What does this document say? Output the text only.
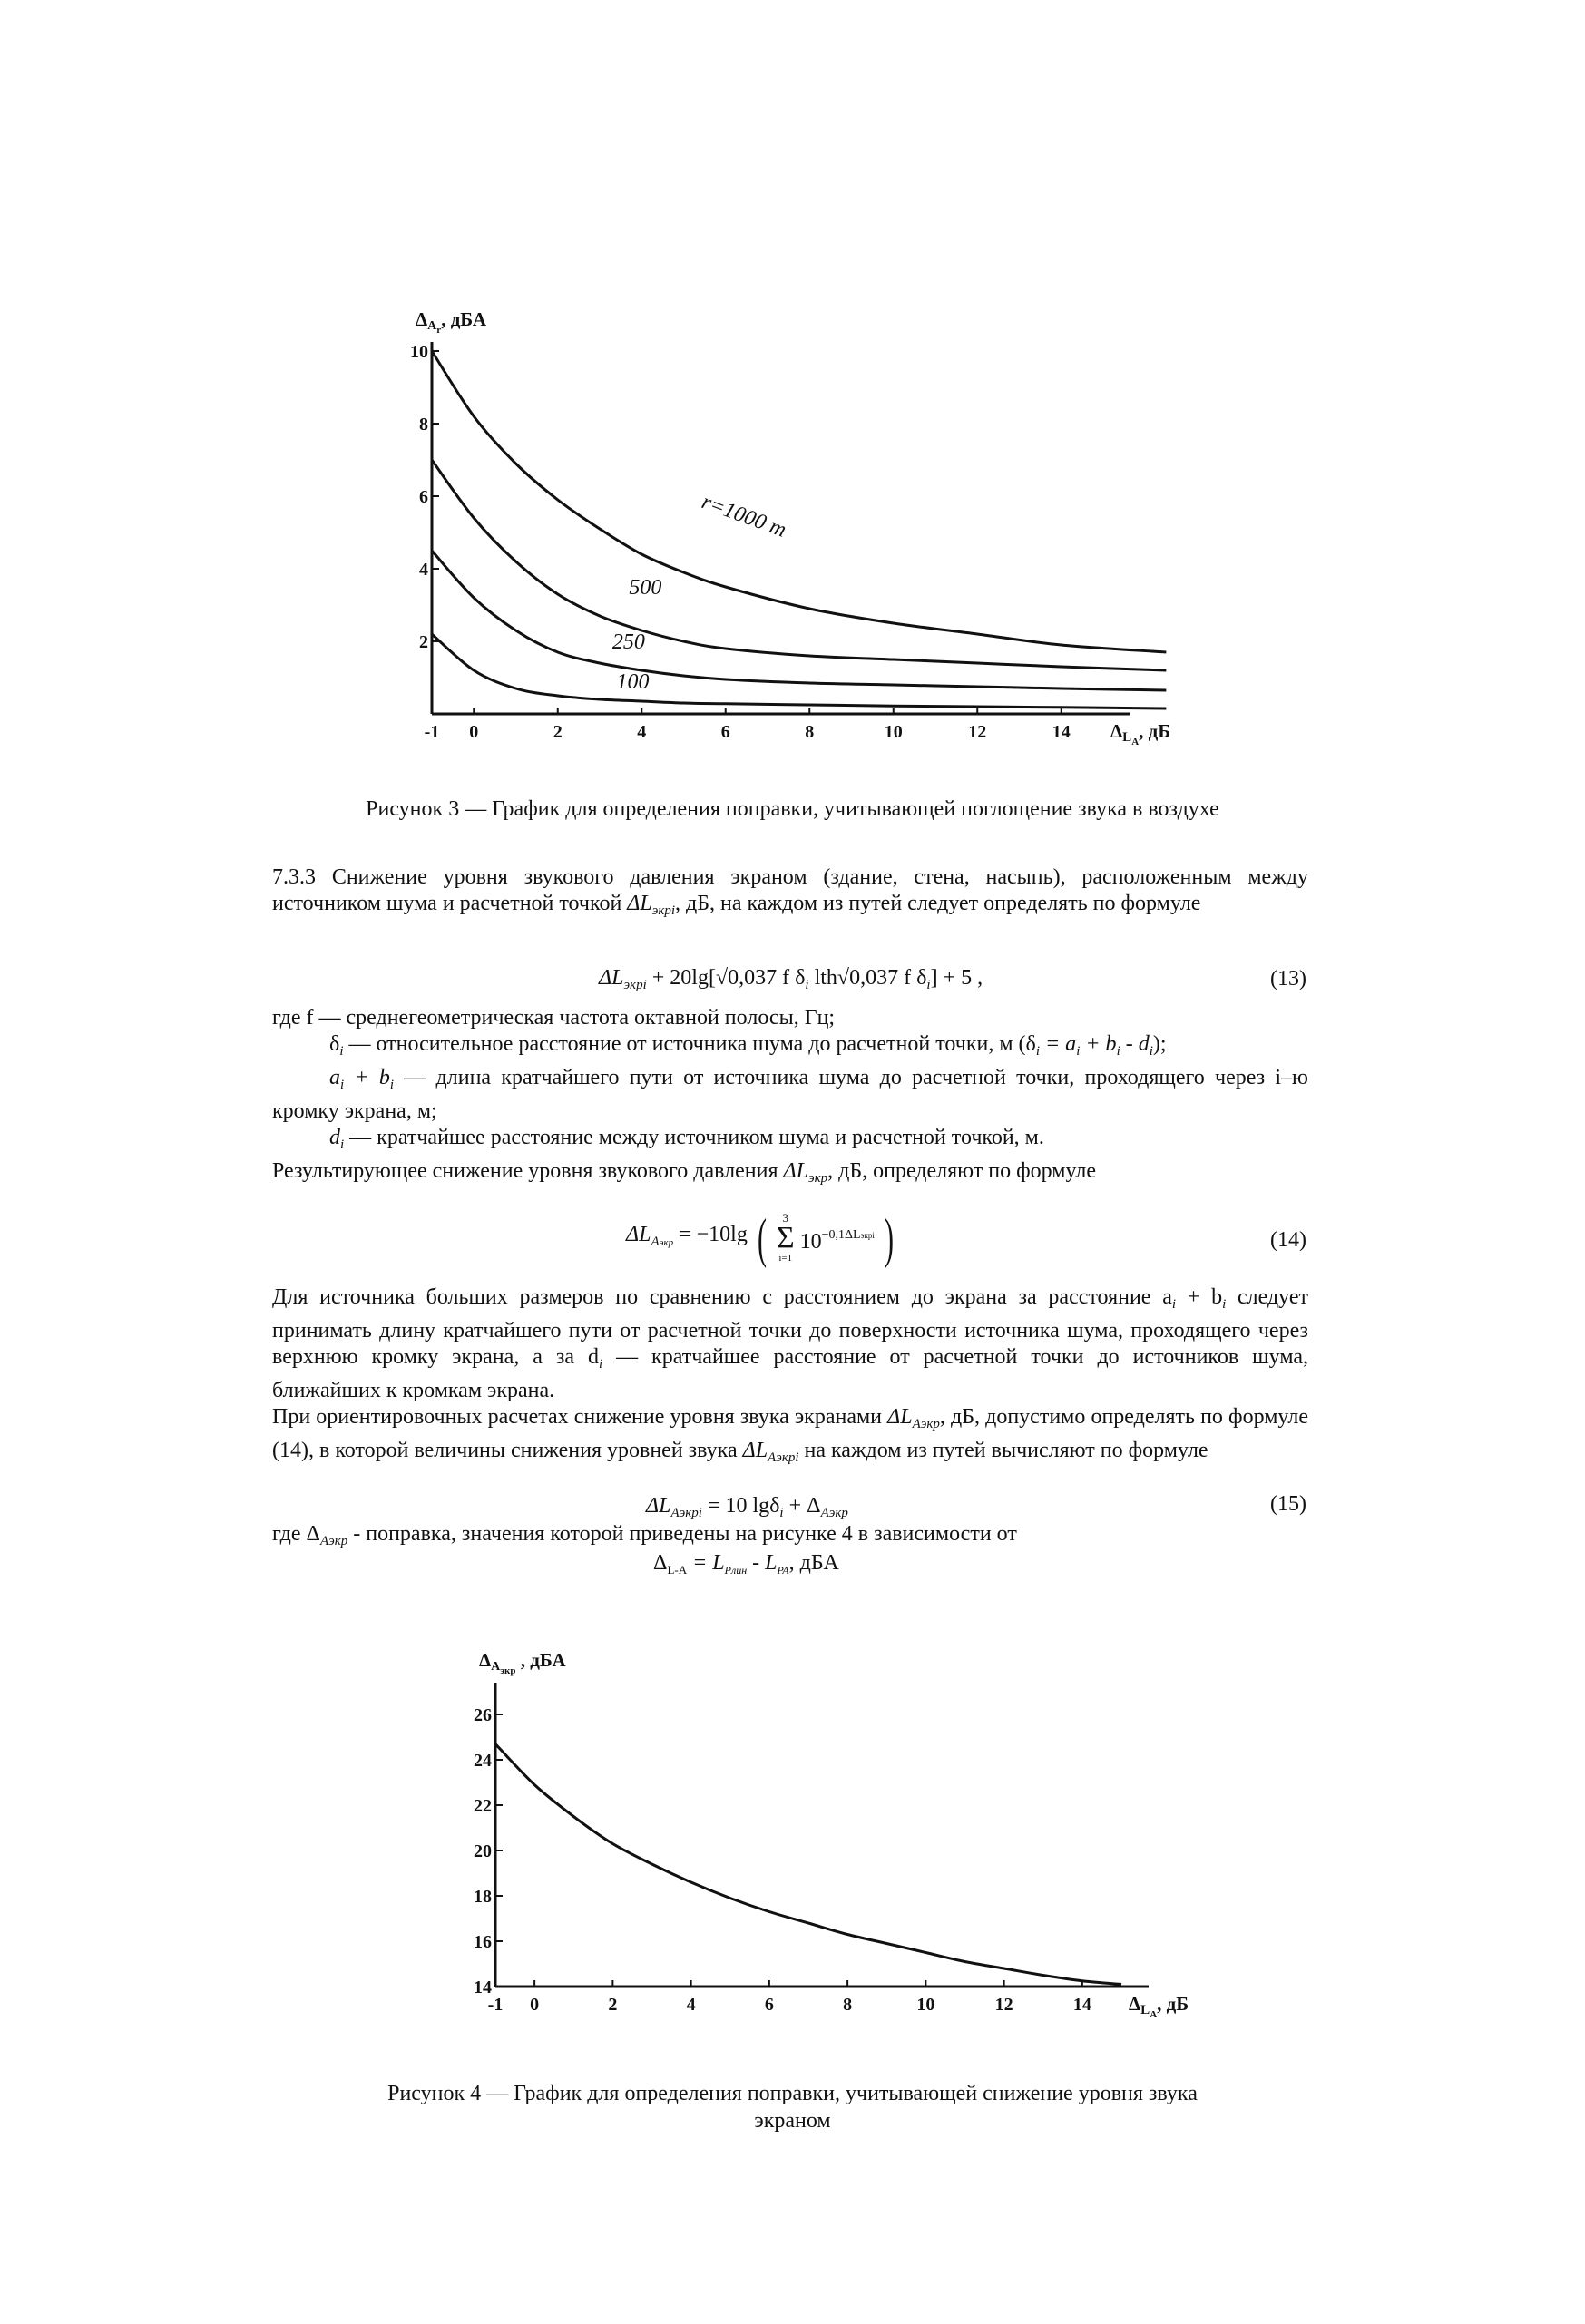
-1 0	2	4	6	8	10	12	14
2
4
6
8
10
ΔAr, дБА
ΔLA, дБ
r=1000 m
500
250
100
Рисунок 3 — График для определения поправки, учитывающей поглощение звука в воздухе

7.3.3 Снижение уровня звукового давления экраном (здание, стена, насыпь), расположенным между источником шума и расчетной точкой $\Delta L_{экрi}$, дБ, на каждом из путей следует определять по формуле

$\Delta L_{экрi} + 20\lg[√0,037$ f $\delta_i$ lth√0,037 f $\delta_i] + 5$ ,	(13)

где f — среднегеометрическая частота октавной полосы, Гц;

$\delta_i$ — относительное расстояние от источника шума до расчетной точки, м $(\delta_i = a_i + b_i - d_i)$;

$a_i + b_i$ — длина кратчайшего пути от источника шума до расчетной точки, проходящего через i–ю кромку экрана, м;

$d_i$ — кратчайшее расстояние между источником шума и расчетной точкой, м.

Результирующее снижение уровня звукового давления $\Delta L_{экр}$, дБ, определяют по формуле

$\Delta L_{Aэкр} = -10\lg$ (	3
Σ
i=1
$10^{-0,1\Delta Lэкрi}$ )	(14)

Для источника больших размеров по сравнению с расстоянием до экрана за расстояние $a_i + b_i$ следует принимать длину кратчайшего пути от расчетной точки до поверхности источника шума, проходящего через верхнюю кромку экрана, а за $d_i$ — кратчайшее расстояние от расчетной точки до источников шума, ближайших к кромкам экрана.

При ориентировочных расчетах снижение уровня звука экранами $\Delta L_{Aэкр}$, дБ, допустимо определять по формуле (14), в которой величины снижения уровней звука $\Delta L_{Aэкрi}$ на каждом из путей вычисляют по формуле

$\Delta L_{Aэкрi} = 10$ $\lg\delta_i + \Delta_{Aэкр}$	(15)

где $\Delta_{Aэкр}$ - поправка, значения которой приведены на рисунке 4 в зависимости от

$\Delta_{L-A} = L_{Pлин} - L_{PA}$, дБА
-1 0	2	4	6	8	10	12	14
14
16
18
20
22
24
26
ΔAэкр , дБА
ΔLA, дБ
Рисунок 4 — График для определения поправки, учитывающей снижение уровня звука
экраном
